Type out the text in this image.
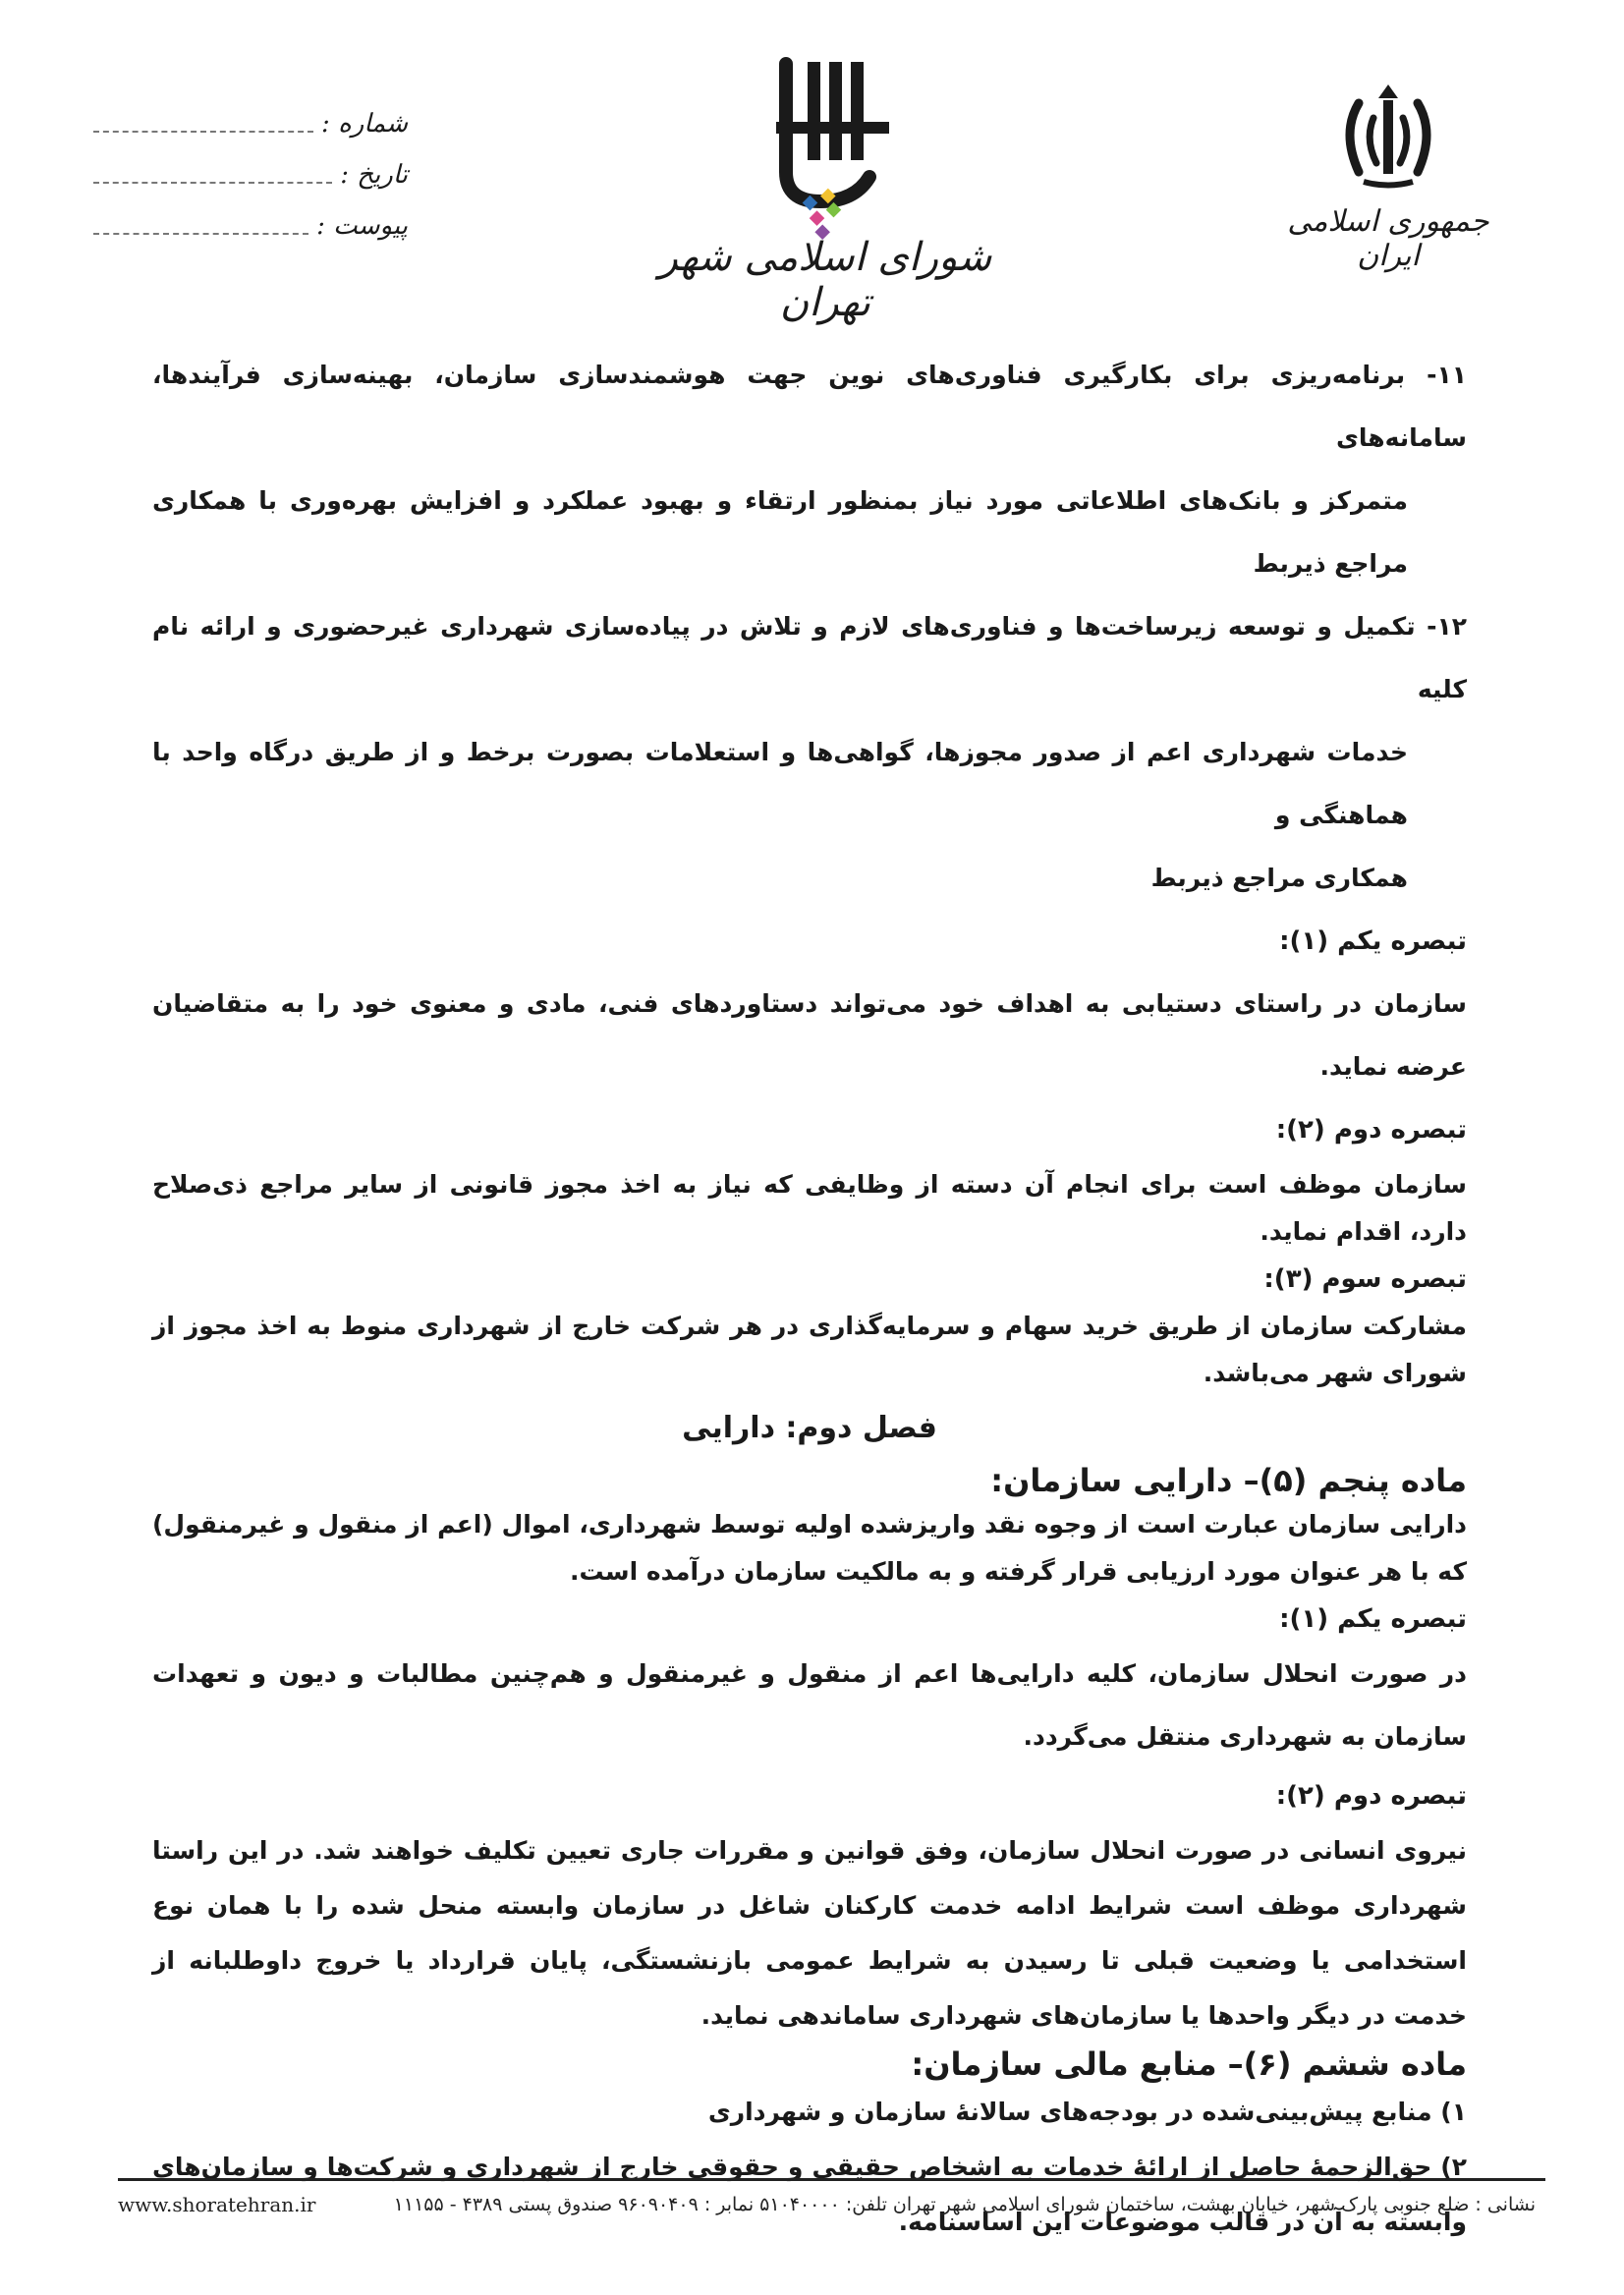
شماره :
تاریخ :
پیوست :
شورای اسلامی شهر تهران
جمهوری اسلامی ایران

۱۱- برنامه‌ریزی برای بکارگیری فناوری‌های نوین جهت هوشمندسازی سازمان، بهینه‌سازی فرآیندها، سامانه‌های

متمرکز و بانک‌های اطلاعاتی مورد نیاز بمنظور ارتقاء و بهبود عملکرد و افزایش بهره‌وری با همکاری مراجع ذیربط

۱۲- تکمیل و توسعه زیرساخت‌ها و فناوری‌های لازم و تلاش در پیاده‌سازی شهرداری غیرحضوری و ارائه نام کلیه

خدمات شهرداری اعم از صدور مجوزها، گواهی‌ها و استعلامات بصورت برخط و از طریق درگاه واحد با هماهنگی و

همکاری مراجع ذیربط

تبصره یکم (۱):

سازمان در راستای دستیابی به اهداف خود می‌تواند دستاوردهای فنی، مادی و معنوی خود را به متقاضیان عرضه نماید.

تبصره دوم (۲):

سازمان موظف است برای انجام آن دسته از وظایفی که نیاز به اخذ مجوز قانونی از سایر مراجع ذی‌صلاح دارد، اقدام نماید.

تبصره سوم (۳):

مشارکت سازمان از طریق خرید سهام و سرمایه‌گذاری در هر شرکت خارج از شهرداری منوط به اخذ مجوز از شورای شهر می‌باشد.

فصل دوم: دارایی

ماده پنجم (۵)– دارایی سازمان:

دارایی سازمان عبارت است از وجوه نقد واریزشده اولیه توسط شهرداری، اموال (اعم از منقول و غیرمنقول) که با هر عنوان مورد ارزیابی قرار گرفته و به مالکیت سازمان درآمده است.

تبصره یکم (۱):

در صورت انحلال سازمان، کلیه دارایی‌ها اعم از منقول و غیرمنقول و هم‌چنین مطالبات و دیون و تعهدات سازمان به شهرداری منتقل می‌گردد.

تبصره دوم (۲):

نیروی انسانی در صورت انحلال سازمان، وفق قوانین و مقررات جاری تعیین تکلیف خواهند شد. در این راستا شهرداری موظف است شرایط ادامه خدمت کارکنان شاغل در سازمان وابسته منحل شده را با همان نوع استخدامی یا وضعیت قبلی تا رسیدن به شرایط عمومی بازنشستگی، پایان قرارداد یا خروج داوطلبانه از خدمت در دیگر واحدها یا سازمان‌های شهرداری ساماندهی نماید.

ماده ششم (۶)– منابع مالی سازمان:

۱) منابع پیش‌بینی‌شده در بودجه‌های سالانهٔ سازمان و شهرداری

۲) حق‌الزحمهٔ حاصل از ارائهٔ خدمات به اشخاص حقیقی و حقوقی خارج از شهرداری و شرکت‌ها و سازمان‌های وابسته به آن در قالب موضوعات این اساسنامه.

www.shoratehran.ir	نشانی : ضلع جنوبی پارک شهر، خیابان بهشت، ساختمان شورای اسلامی شهر تهران تلفن: ۵۱۰۴۰۰۰۰ نمابر : ۹۶۰۹۰۴۰۹ صندوق پستی ۴۳۸۹ - ۱۱۱۵۵
